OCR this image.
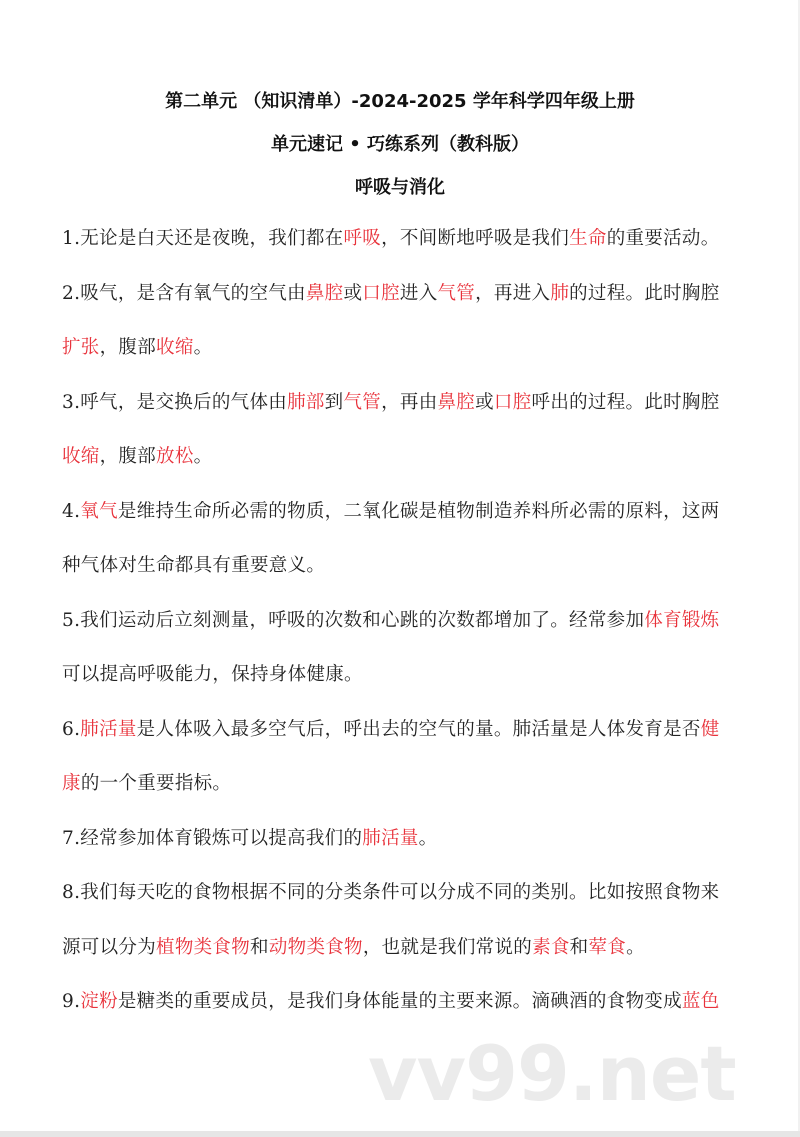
第二单元 （知识清单）-2024-2025 学年科学四年级上册
单元速记 • 巧练系列（教科版）
呼吸与消化
1.无论是白天还是夜晚，我们都在呼吸，不间断地呼吸是我们生命的重要活动。
2.吸气，是含有氧气的空气由鼻腔或口腔进入气管，再进入肺的过程。此时胸腔
扩张，腹部收缩。
3.呼气，是交换后的气体由肺部到气管，再由鼻腔或口腔呼出的过程。此时胸腔
收缩，腹部放松。
4.氧气是维持生命所必需的物质，二氧化碳是植物制造养料所必需的原料，这两
种气体对生命都具有重要意义。
5.我们运动后立刻测量，呼吸的次数和心跳的次数都增加了。经常参加体育锻炼
可以提高呼吸能力，保持身体健康。
6.肺活量是人体吸入最多空气后，呼出去的空气的量。肺活量是人体发育是否健
康的一个重要指标。
7.经常参加体育锻炼可以提高我们的肺活量。
8.我们每天吃的食物根据不同的分类条件可以分成不同的类别。比如按照食物来
源可以分为植物类食物和动物类食物，也就是我们常说的素食和荤食。
9.淀粉是糖类的重要成员，是我们身体能量的主要来源。滴碘酒的食物变成蓝色
vv99.net
